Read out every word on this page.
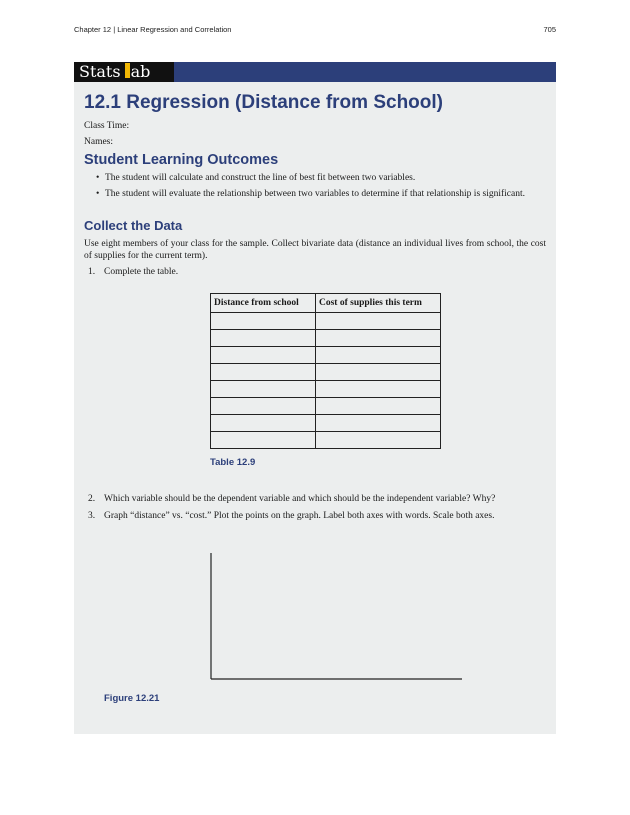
Chapter 12 | Linear Regression and Correlation	705
Stats ab
12.1 Regression (Distance from School)
Class Time:
Names:
Student Learning Outcomes
• The student will calculate and construct the line of best fit between two variables.
• The student will evaluate the relationship between two variables to determine if that relationship is significant.
Collect the Data
Use eight members of your class for the sample. Collect bivariate data (distance an individual lives from school, the cost of supplies for the current term).
1. Complete the table.
Distance from school	Cost of supplies this term

Table 12.9
2. Which variable should be the dependent variable and which should be the independent variable? Why?
3. Graph “distance” vs. “cost.” Plot the points on the graph. Label both axes with words. Scale both axes.
Figure 12.21
